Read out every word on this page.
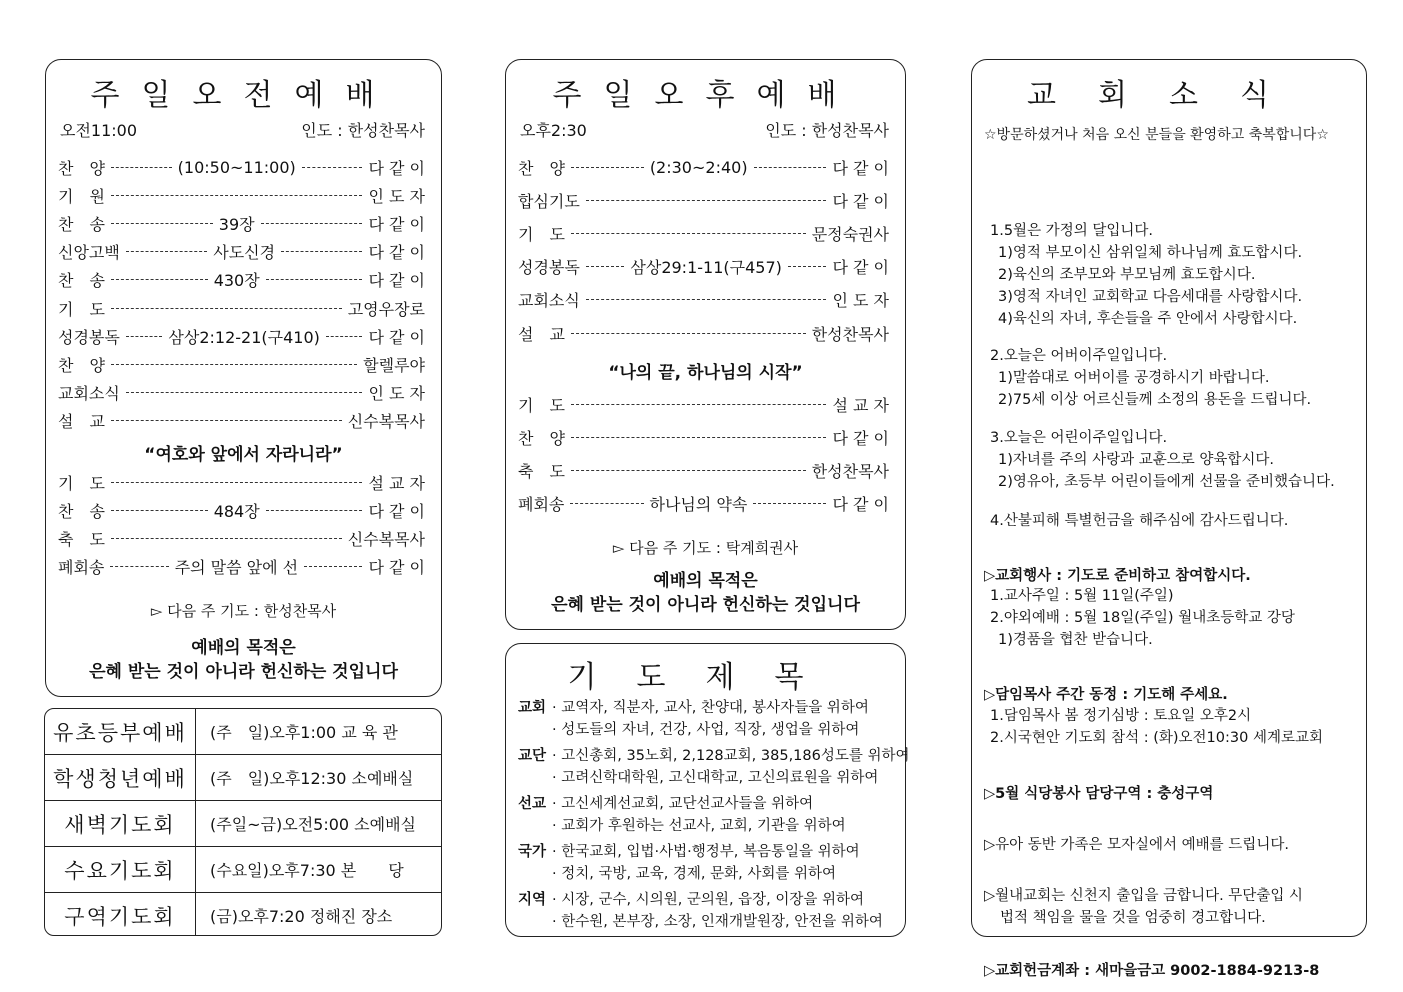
주일오전예배
오전11:00	인도 : 한성찬목사
찬　양	(10:50~11:00)	다 같 이
기　원	인 도 자
찬　송	39장	다 같 이
신앙고백	사도신경	다 같 이
찬　송	430장	다 같 이
기　도	고영우장로
성경봉독	삼상2:12-21(구410)	다 같 이
찬　양	할렐루야
교회소식	인 도 자
설　교	신수복목사
“여호와 앞에서 자라니라”
기　도	설 교 자
찬　송	484장	다 같 이
축　도	신수복목사
폐회송	주의 말씀 앞에 선	다 같 이
▻ 다음 주 기도 : 한성찬목사
예배의 목적은
은혜 받는 것이 아니라 헌신하는 것입니다
유초등부예배	(주　일)오후1:00 교 육 관
학생청년예배	(주　일)오후12:30 소예배실
새벽기도회	(주일~금)오전5:00 소예배실
수요기도회	(수요일)오후7:30 본　　당
구역기도회	(금)오후7:20 정해진 장소
주일오후예배
오후2:30	인도 : 한성찬목사
찬　양	(2:30~2:40)	다 같 이
합심기도	다 같 이
기　도	문정숙권사
성경봉독	삼상29:1-11(구457)	다 같 이
교회소식	인 도 자
설　교	한성찬목사
“나의 끝, 하나님의 시작”
기　도	설 교 자
찬　양	다 같 이
축　도	한성찬목사
폐회송	하나님의 약속	다 같 이
▻ 다음 주 기도 : 탁계희권사
예배의 목적은
은혜 받는 것이 아니라 헌신하는 것입니다
기도제목
교회 · 교역자, 직분자, 교사, 찬양대, 봉사자들을 위하여
· 성도들의 자녀, 건강, 사업, 직장, 생업을 위하여
교단 · 고신총회, 35노회, 2,128교회, 385,186성도를 위하여
· 고려신학대학원, 고신대학교, 고신의료원을 위하여
선교 · 고신세계선교회, 교단선교사들을 위하여
· 교회가 후원하는 선교사, 교회, 기관을 위하여
국가 · 한국교회, 입법·사법·행정부, 복음통일을 위하여
· 정치, 국방, 교육, 경제, 문화, 사회를 위하여
지역 · 시장, 군수, 시의원, 군의원, 읍장, 이장을 위하여
· 한수원, 본부장, 소장, 인재개발원장, 안전을 위하여
교회소식
☆방문하셨거나 처음 오신 분들을 환영하고 축복합니다☆
1.5월은 가정의 달입니다.
1)영적 부모이신 삼위일체 하나님께 효도합시다.
2)육신의 조부모와 부모님께 효도합시다.
3)영적 자녀인 교회학교 다음세대를 사랑합시다.
4)육신의 자녀, 후손들을 주 안에서 사랑합시다.
2.오늘은 어버이주일입니다.
1)말씀대로 어버이를 공경하시기 바랍니다.
2)75세 이상 어르신들께 소정의 용돈을 드립니다.
3.오늘은 어린이주일입니다.
1)자녀를 주의 사랑과 교훈으로 양육합시다.
2)영유아, 초등부 어린이들에게 선물을 준비했습니다.
4.산불피해 특별헌금을 해주심에 감사드립니다.
▷교회행사 : 기도로 준비하고 참여합시다.
1.교사주일 : 5월 11일(주일)
2.야외예배 : 5월 18일(주일) 월내초등학교 강당
1)경품을 협찬 받습니다.
▷담임목사 주간 동정 : 기도해 주세요.
1.담임목사 봄 정기심방 : 토요일 오후2시
2.시국현안 기도회 참석 : (화)오전10:30 세계로교회
▷5월 식당봉사 담당구역 : 충성구역
▷유아 동반 가족은 모자실에서 예배를 드립니다.
▷월내교회는 신천지 출입을 금합니다. 무단출입 시
법적 책임을 물을 것을 엄중히 경고합니다.
▷교회헌금계좌 : 새마을금고 9002-1884-9213-8
